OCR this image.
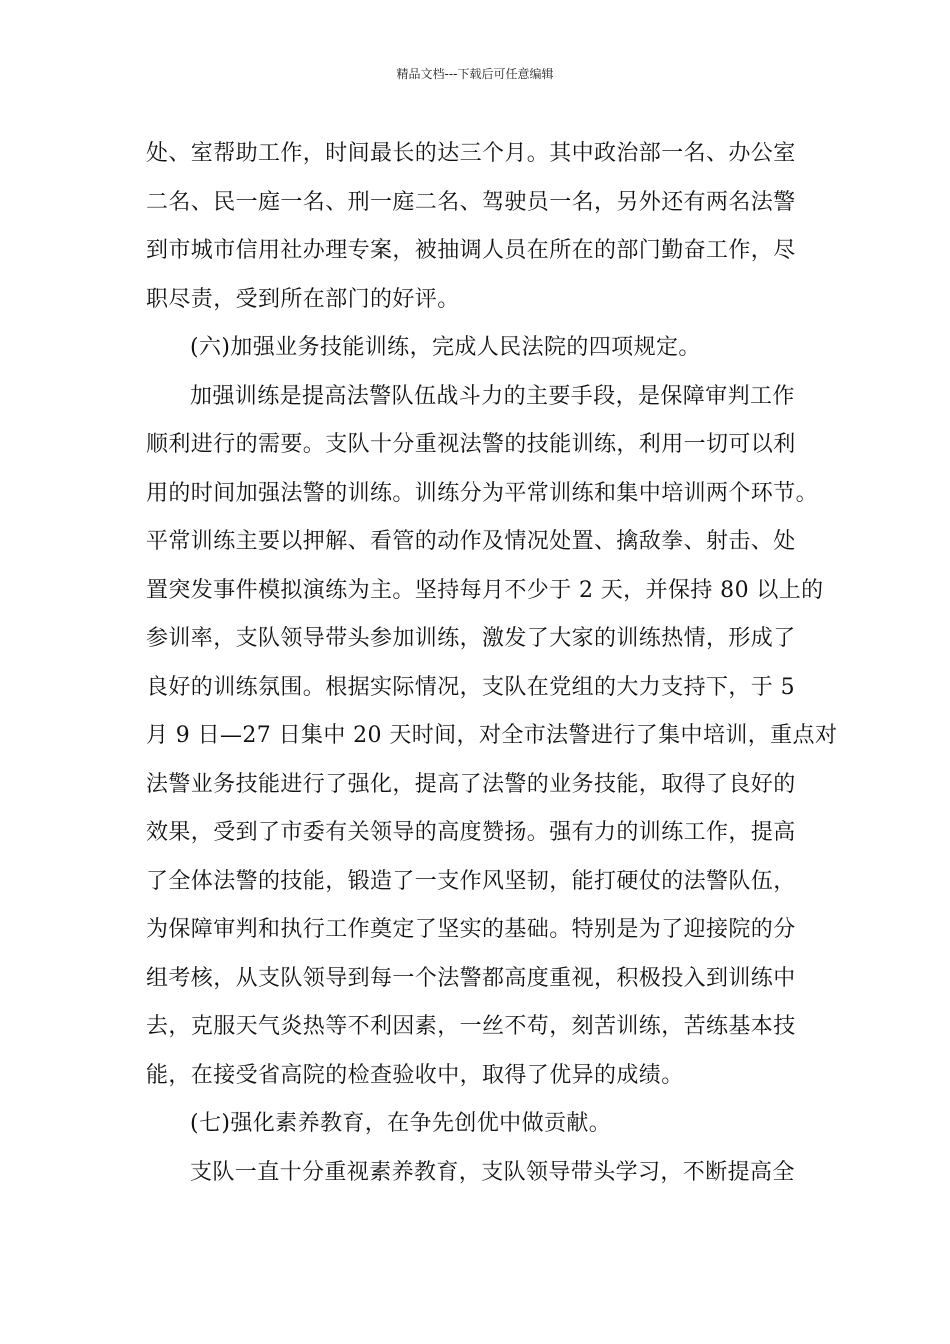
精品文档---下载后可任意编辑
处、室帮助工作，时间最长的达三个月。其中政治部一名、办公室
二名、民一庭一名、刑一庭二名、驾驶员一名，另外还有两名法警
到市城市信用社办理专案，被抽调人员在所在的部门勤奋工作，尽
职尽责，受到所在部门的好评。
(六)加强业务技能训练，完成人民法院的四项规定。
加强训练是提高法警队伍战斗力的主要手段，是保障审判工作
顺利进行的需要。支队十分重视法警的技能训练，利用一切可以利
用的时间加强法警的训练。训练分为平常训练和集中培训两个环节。
平常训练主要以押解、看管的动作及情况处置、擒敌拳、射击、处
置突发事件模拟演练为主。坚持每月不少于 2 天，并保持 80 以上的
参训率，支队领导带头参加训练，激发了大家的训练热情，形成了
良好的训练氛围。根据实际情况，支队在党组的大力支持下，于 5
月 9 日—27 日集中 20 天时间，对全市法警进行了集中培训，重点对
法警业务技能进行了强化，提高了法警的业务技能，取得了良好的
效果，受到了市委有关领导的高度赞扬。强有力的训练工作，提高
了全体法警的技能，锻造了一支作风坚韧，能打硬仗的法警队伍，
为保障审判和执行工作奠定了坚实的基础。特别是为了迎接院的分
组考核，从支队领导到每一个法警都高度重视，积极投入到训练中
去，克服天气炎热等不利因素，一丝不苟，刻苦训练，苦练基本技
能，在接受省高院的检查验收中，取得了优异的成绩。
(七)强化素养教育，在争先创优中做贡献。
支队一直十分重视素养教育，支队领导带头学习，不断提高全
